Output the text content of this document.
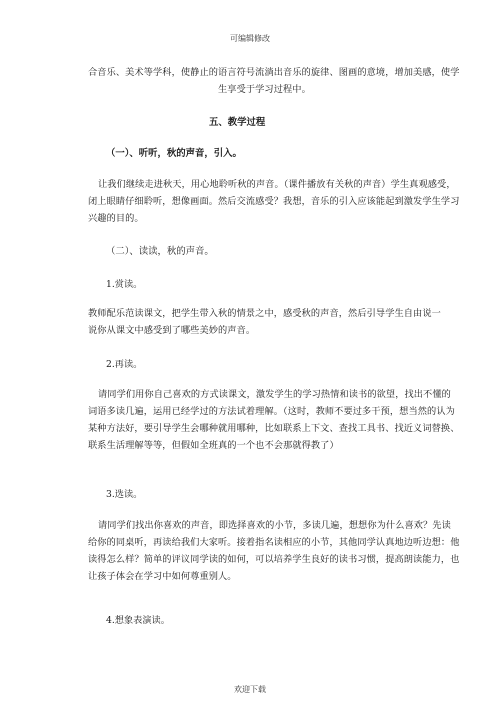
可编辑修改
合音乐、美术等学科，使静止的语言符号流淌出音乐的旋律、图画的意境，增加美感，使学
生享受于学习过程中。
五、教学过程
（一）、听听，秋的声音，引入。
让我们继续走进秋天，用心地聆听秋的声音。（课件播放有关秋的声音）学生真观感受，
闭上眼睛仔细聆听，想像画面。然后交流感受？我想，音乐的引入应该能起到激发学生学习
兴趣的目的。
（二）、读读，秋的声音。
1.赏读。
教师配乐范读课文，把学生带入秋的情景之中，感受秋的声音，然后引导学生自由说一
说你从课文中感受到了哪些美妙的声音。
2.再读。
请同学们用你自己喜欢的方式读课文，激发学生的学习热情和读书的欲望，找出不懂的
词语多读几遍，运用已经学过的方法试着理解。（这时，教师不要过多干预，想当然的认为
某种方法好，要引导学生会哪种就用哪种，比如联系上下文、查找工具书、找近义词替换、
联系生活理解等等，但假如全班真的一个也不会那就得教了）
3.选读。
请同学们找出你喜欢的声音，即选择喜欢的小节，多读几遍，想想你为什么喜欢？先读
给你的同桌听，再读给我们大家听。接着指名读相应的小节，其他同学认真地边听边想：他
读得怎么样？简单的评议同学读的如何，可以培养学生良好的读书习惯，提高朗读能力，也
让孩子体会在学习中如何尊重别人。
4.想象表演读。
欢迎下载
